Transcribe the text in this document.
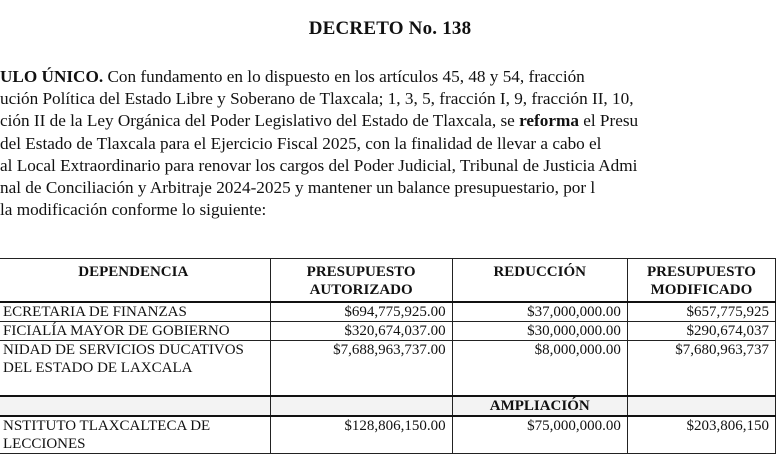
DECRETO No. 138
ULO ÚNICO. Con fundamento en lo dispuesto en los artículos 45, 48 y 54, fracción
ución Política del Estado Libre y Soberano de Tlaxcala; 1, 3, 5, fracción I, 9, fracción II, 10,
ción II de la Ley Orgánica del Poder Legislativo del Estado de Tlaxcala, se reforma el Presu
del Estado de Tlaxcala para el Ejercicio Fiscal 2025, con la finalidad de llevar a cabo el
al Local Extraordinario para renovar los cargos del Poder Judicial, Tribunal de Justicia Admi
nal de Conciliación y Arbitraje 2024-2025 y mantener un balance presupuestario, por l
la modificación conforme lo siguiente:
DEPENDENCIA	PRESUPUESTO AUTORIZADO	REDUCCIÓN	PRESUPUESTO MODIFICADO
ECRETARIA DE FINANZAS	$694,775,925.00	$37,000,000.00	$657,775,925
FICIALÍA MAYOR DE GOBIERNO	$320,674,037.00	$30,000,000.00	$290,674,037
NIDAD DE SERVICIOS DUCATIVOS DEL ESTADO DE LAXCALA	$7,688,963,737.00	$8,000,000.00	$7,680,963,737
		AMPLIACIÓN	
NSTITUTO TLAXCALTECA DE LECCIONES	$128,806,150.00	$75,000,000.00	$203,806,150
